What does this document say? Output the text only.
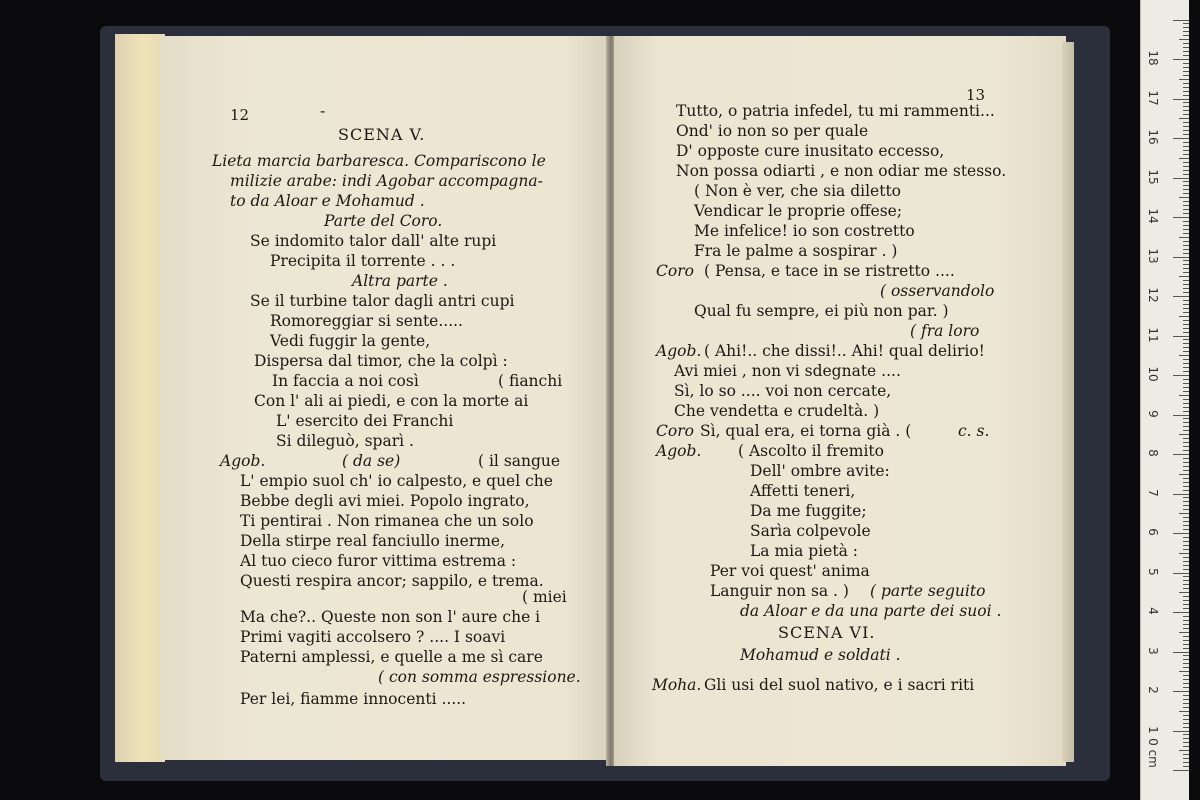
12	-
SCENA V.
Lieta marcia barbaresca. Compariscono le
milizie arabe: indi Agobar accompagna-
to da Aloar e Mohamud .
Parte del Coro.
Se indomito talor dall' alte rupi
Precipita il torrente . . .
Altra parte .
Se il turbine talor dagli antri cupi
Romoreggiar si sente.....
Vedi fuggir la gente,
Dispersa dal timor, che la colpì :
In faccia a noi così	( fianchi
Con l' ali ai piedi, e con la morte ai
L' esercito dei Franchi
Si dileguò, sparì .
Agob.	( da se)	( il sangue
L' empio suol ch' io calpesto, e quel che
Bebbe degli avi miei. Popolo ingrato,
Ti pentirai . Non rimanea che un solo
Della stirpe real fanciullo inerme,
Al tuo cieco furor vittima estrema :
Questi respira ancor; sappilo, e trema.
( miei
Ma che?.. Queste non son l' aure che i
Primi vagiti accolsero ? .... I soavi
Paterni amplessi, e quelle a me sì care
( con somma espressione.
Per lei, fiamme innocenti .....
13
Tutto, o patria infedel, tu mi rammenti...
Ond' io non so per quale
D' opposte cure inusitato eccesso,
Non possa odiarti , e non odiar me stesso.
( Non è ver, che sia diletto
Vendicar le proprie offese;
Me infelice! io son costretto
Fra le palme a sospirar . )
Coro ( Pensa, e tace in se ristretto ....
( osservandolo
Qual fu sempre, ei più non par. )
( fra loro
Agob. ( Ahi!.. che dissi!.. Ahi! qual delirio!
Avi miei , non vi sdegnate ....
Sì, lo so .... voi non cercate,
Che vendetta e crudeltà. )
Coro Sì, qual era, ei torna già . (	c. s.
Agob. ( Ascolto il fremito
Dell' ombre avite:
Affetti teneri,
Da me fuggite;
Sarìa colpevole
La mia pietà :
Per voi quest' anima
Languir non sa . ) ( parte seguito
da Aloar e da una parte dei suoi .
SCENA VI.
Mohamud e soldati .
Moha. Gli usi del suol nativo, e i sacri riti
0 cm
1
2
3
4
5
6
7
8
9
10
11
12
13
14
15
16
17
18
